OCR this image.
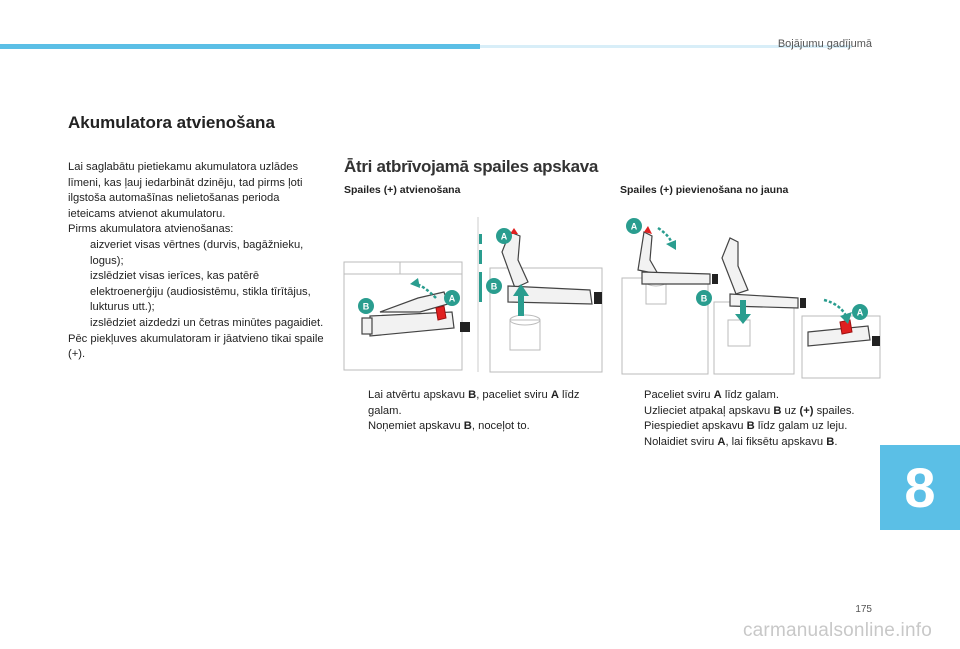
Bojājumu gadījumā
Akumulatora atvienošana

Lai saglabātu pietiekamu akumulatora uzlādes līmeni, kas ļauj iedarbināt dzinēju, tad pirms ļoti ilgstoša automašīnas nelietošanas perioda ieteicams atvienot akumulatoru.

Pirms akumulatora atvienošanas:

aizveriet visas vērtnes (durvis, bagāžnieku, logus);
izslēdziet visas ierīces, kas patērē elektroenerģiju (audiosistēmu, stikla tīrītājus, lukturus utt.);
izslēdziet aizdedzi un četras minūtes pagaidiet.

Pēc piekļuves akumulatoram ir jāatvieno tikai spaile (+).

Ātri atbrīvojamā spailes apskava
Spailes (+) atvienošana	Spailes (+) pievienošana no jauna
B
A
A
B
A
B
A
Lai atvērtu apskavu B, paceliet sviru A līdz galam.
Noņemiet apskavu B, noceļot to.
Paceliet sviru A līdz galam.
Uzlieciet atpakaļ apskavu B uz (+) spailes.
Piespiediet apskavu B līdz galam uz leju.
Nolaidiet sviru A, lai fiksētu apskavu B.
8
175
carmanualsonline.info
